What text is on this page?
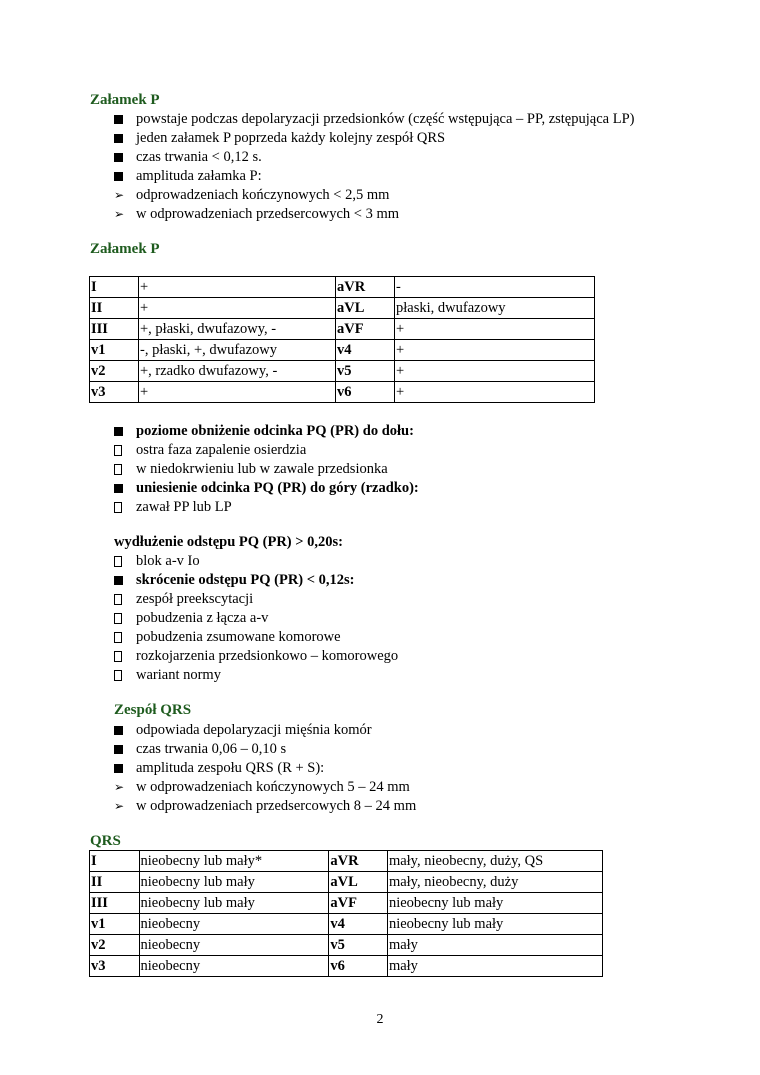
Załamek P
powstaje podczas depolaryzacji przedsionków (część wstępująca – PP, zstępująca LP)
jeden załamek P poprzeda każdy kolejny zespół QRS
czas trwania < 0,12 s.
amplituda załamka P:
➢ odprowadzeniach kończynowych < 2,5 mm
➢ w odprowadzeniach przedsercowych < 3 mm
Załamek P
I	+	aVR	-
II	+	aVL	płaski, dwufazowy
III	+, płaski, dwufazowy, -	aVF	+
v1	-, płaski, +, dwufazowy	v4	+
v2	+, rzadko dwufazowy, -	v5	+
v3	+	v6	+
poziome obniżenie odcinka PQ (PR) do dołu:
ostra faza zapalenie osierdzia
w niedokrwieniu lub w zawale przedsionka
uniesienie odcinka PQ (PR) do góry (rzadko):
zawał PP lub LP
wydłużenie odstępu PQ (PR) > 0,20s:
blok a-v Io
skrócenie odstępu PQ (PR) < 0,12s:
zespół preekscytacji
pobudzenia z łącza a-v
pobudzenia zsumowane komorowe
rozkojarzenia przedsionkowo – komorowego
wariant normy
Zespół QRS
odpowiada depolaryzacji mięśnia komór
czas trwania 0,06 – 0,10 s
amplituda zespołu QRS (R + S):
➢ w odprowadzeniach kończynowych 5 – 24 mm
➢ w odprowadzeniach przedsercowych 8 – 24 mm
QRS
I	nieobecny lub mały*	aVR	mały, nieobecny, duży, QS
II	nieobecny lub mały	aVL	mały, nieobecny, duży
III	nieobecny lub mały	aVF	nieobecny lub mały
v1	nieobecny	v4	nieobecny lub mały
v2	nieobecny	v5	mały
v3	nieobecny	v6	mały
2
